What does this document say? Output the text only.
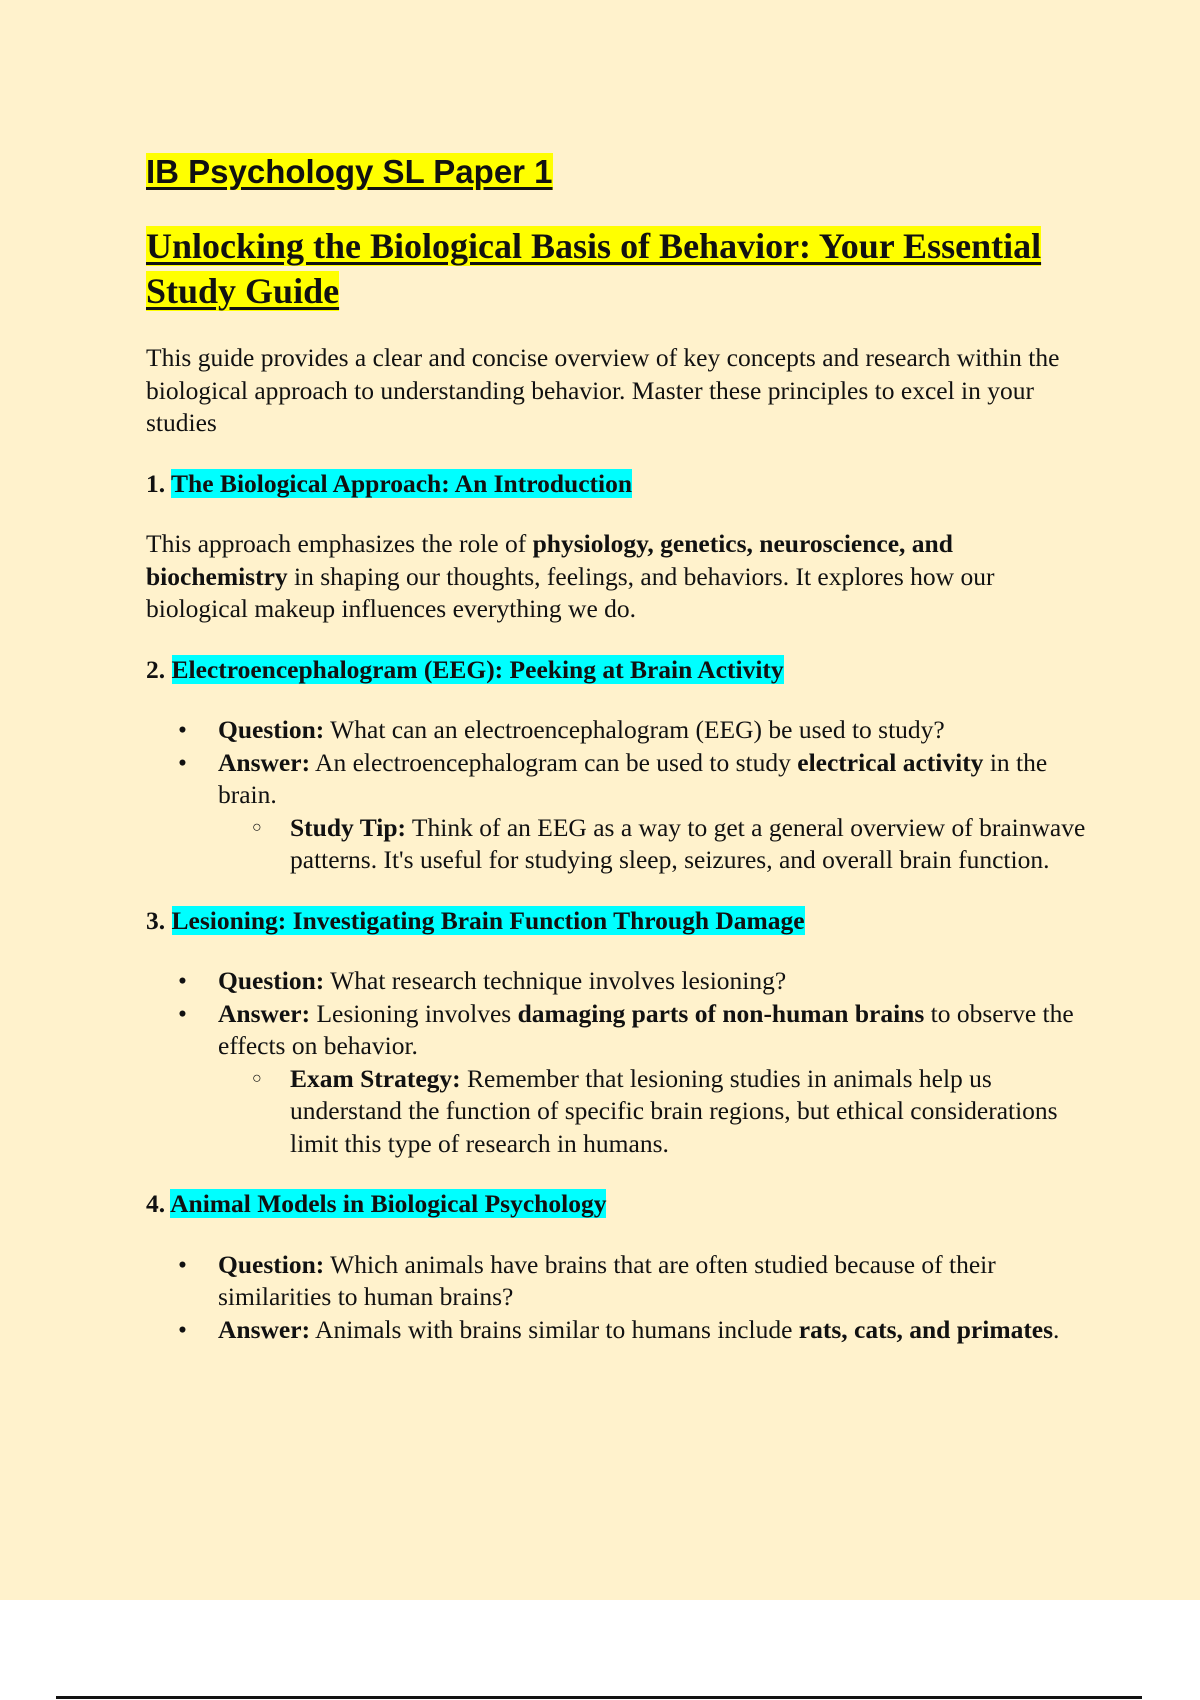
IB Psychology SL Paper 1
Unlocking the Biological Basis of Behavior: Your Essential Study Guide

This guide provides a clear and concise overview of key concepts and research within the biological approach to understanding behavior. Master these principles to excel in your studies

1. The Biological Approach: An Introduction

This approach emphasizes the role of physiology, genetics, neuroscience, and biochemistry in shaping our thoughts, feelings, and behaviors. It explores how our biological makeup influences everything we do.

2. Electroencephalogram (EEG): Peeking at Brain Activity
• Question: What can an electroencephalogram (EEG) be used to study?
• Answer: An electroencephalogram can be used to study electrical activity in the brain.
○ Study Tip: Think of an EEG as a way to get a general overview of brainwave patterns. It's useful for studying sleep, seizures, and overall brain function.
3. Lesioning: Investigating Brain Function Through Damage
• Question: What research technique involves lesioning?
• Answer: Lesioning involves damaging parts of non-human brains to observe the effects on behavior.
○ Exam Strategy: Remember that lesioning studies in animals help us understand the function of specific brain regions, but ethical considerations limit this type of research in humans.
4. Animal Models in Biological Psychology
• Question: Which animals have brains that are often studied because of their similarities to human brains?
• Answer: Animals with brains similar to humans include rats, cats, and primates.
